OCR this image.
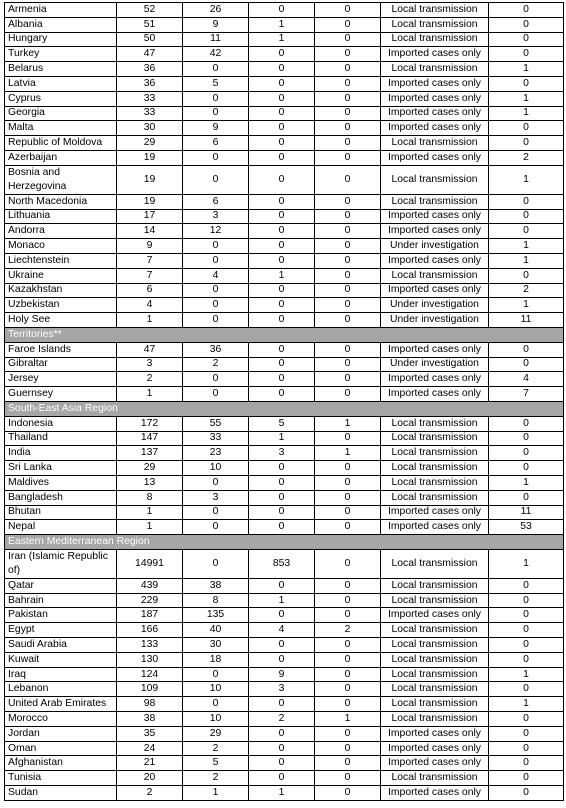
Armenia	52	26	0	0	Local transmission	0
Albania	51	9	1	0	Local transmission	0
Hungary	50	11	1	0	Local transmission	0
Turkey	47	42	0	0	Imported cases only	0
Belarus	36	0	0	0	Local transmission	1
Latvia	36	5	0	0	Imported cases only	0
Cyprus	33	0	0	0	Imported cases only	1
Georgia	33	0	0	0	Imported cases only	1
Malta	30	9	0	0	Imported cases only	0
Republic of Moldova	29	6	0	0	Local transmission	0
Azerbaijan	19	0	0	0	Imported cases only	2
Bosnia and Herzegovina	19	0	0	0	Local transmission	1
North Macedonia	19	6	0	0	Local transmission	0
Lithuania	17	3	0	0	Imported cases only	0
Andorra	14	12	0	0	Imported cases only	0
Monaco	9	0	0	0	Under investigation	1
Liechtenstein	7	0	0	0	Imported cases only	1
Ukraine	7	4	1	0	Local transmission	0
Kazakhstan	6	0	0	0	Imported cases only	2
Uzbekistan	4	0	0	0	Under investigation	1
Holy See	1	0	0	0	Under investigation	11
Territories**						
Faroe Islands	47	36	0	0	Imported cases only	0
Gibraltar	3	2	0	0	Under investigation	0
Jersey	2	0	0	0	Imported cases only	4
Guernsey	1	0	0	0	Imported cases only	7
South-East Asia Region						
Indonesia	172	55	5	1	Local transmission	0
Thailand	147	33	1	0	Local transmission	0
India	137	23	3	1	Local transmission	0
Sri Lanka	29	10	0	0	Local transmission	0
Maldives	13	0	0	0	Local transmission	1
Bangladesh	8	3	0	0	Local transmission	0
Bhutan	1	0	0	0	Imported cases only	11
Nepal	1	0	0	0	Imported cases only	53
Eastern Mediterranean Region						
Iran (Islamic Republic of)	14991	0	853	0	Local transmission	1
Qatar	439	38	0	0	Local transmission	0
Bahrain	229	8	1	0	Local transmission	0
Pakistan	187	135	0	0	Imported cases only	0
Egypt	166	40	4	2	Local transmission	0
Saudi Arabia	133	30	0	0	Local transmission	0
Kuwait	130	18	0	0	Local transmission	0
Iraq	124	0	9	0	Local transmission	1
Lebanon	109	10	3	0	Local transmission	0
United Arab Emirates	98	0	0	0	Local transmission	1
Morocco	38	10	2	1	Local transmission	0
Jordan	35	29	0	0	Imported cases only	0
Oman	24	2	0	0	Imported cases only	0
Afghanistan	21	5	0	0	Imported cases only	0
Tunisia	20	2	0	0	Local transmission	0
Sudan	2	1	1	0	Imported cases only	0
